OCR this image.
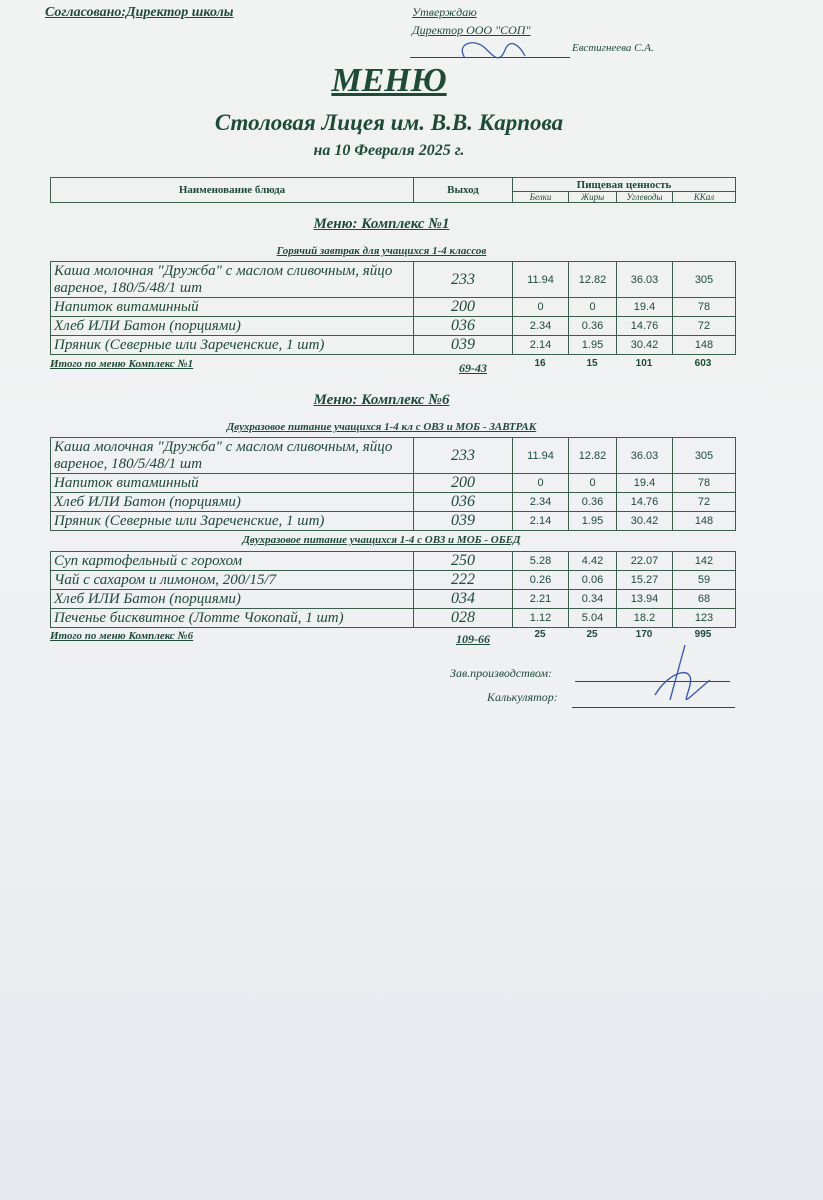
Согласовано:Директор школы	Утверждаю
Директор ООО "СОП"
Евстигнеева С.А.
МЕНЮ
Столовая Лицея им. В.В. Карпова
на 10 Февраля 2025 г.
Наименование блюда	Выход	Пищевая ценность			
		Белки	Жиры	Углеводы	ККал
Меню: Комплекс №1
Горячий завтрак для учащихся 1-4 классов
Каша молочная "Дружба" с маслом сливочным, яйцо вареное, 180/5/48/1 шт	233	11.94	12.82	36.03	305
Напиток витаминный	200	0	0	19.4	78
Хлеб ИЛИ Батон (порциями)	036	2.34	0.36	14.76	72
Пряник (Северные или Зареченские, 1 шт)	039	2.14	1.95	30.42	148
Итого по меню Комплекс №1	69-43	16	15	101	603
Меню: Комплекс №6
Двухразовое питание учащихся 1-4 кл с ОВЗ и МОБ - ЗАВТРАК
Каша молочная "Дружба" с маслом сливочным, яйцо вареное, 180/5/48/1 шт	233	11.94	12.82	36.03	305
Напиток витаминный	200	0	0	19.4	78
Хлеб ИЛИ Батон (порциями)	036	2.34	0.36	14.76	72
Пряник (Северные или Зареченские, 1 шт)	039	2.14	1.95	30.42	148
Двухразовое питание учащихся 1-4 с ОВЗ и МОБ - ОБЕД
Суп картофельный с горохом	250	5.28	4.42	22.07	142
Чай с сахаром и лимоном, 200/15/7	222	0.26	0.06	15.27	59
Хлеб ИЛИ Батон (порциями)	034	2.21	0.34	13.94	68
Печенье бисквитное (Лотте Чокопай, 1 шт)	028	1.12	5.04	18.2	123
Итого по меню Комплекс №6	109-66	25	25	170	995
Зав.производством:
Калькулятор:
